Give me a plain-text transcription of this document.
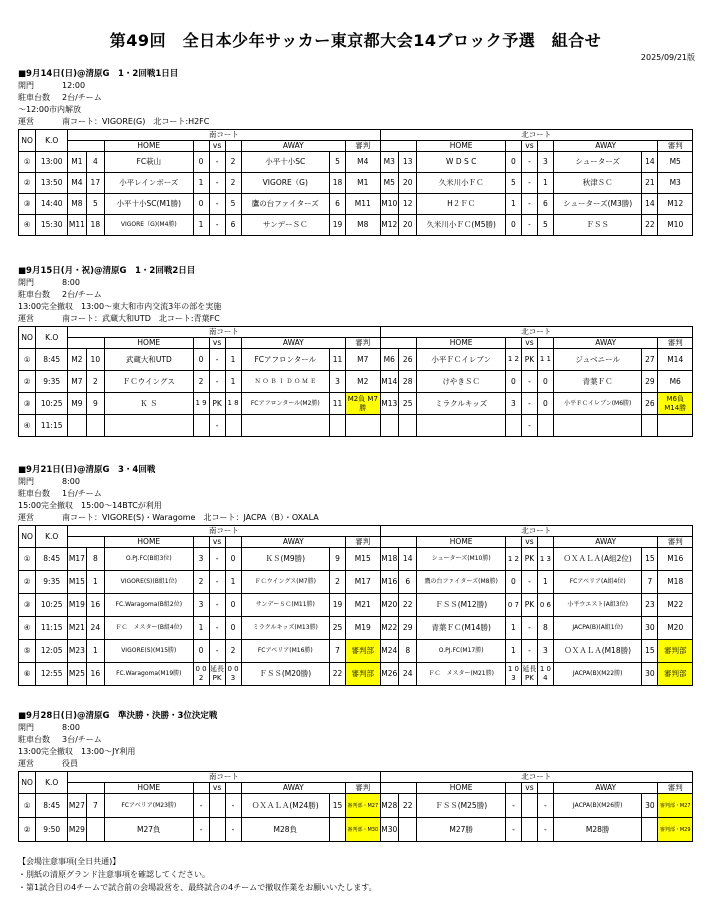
第49回　全日本少年サッカー東京都大会14ブロック予選　組合せ
2025/09/21版
■9月14日(日)@清原G　1・2回戦1日目
開門	12:00
駐車台数 2台/チーム
～12:00市内解放
運営	南コート：VIGORE(G)　北コート:H2FC
NO	K.O	南コート									北コート								
				HOME		vs		AWAY		審判			HOME		vs		AWAY		審判
①	13:00	M1	4	FC萩山	0	-	2	小平十小SC	5	M4	M3	13	W D S C	0	-	3	シューターズ	14	M5
②	13:50	M4	17	小平レインボーズ	1	-	2	VIGORE（G)	18	M1	M5	20	久米川小ＦＣ	5	-	1	秋津ＳＣ	21	M3
③	14:40	M8	5	小平十小SC(M1勝)	0	-	5	鷹の台ファイターズ	6	M11	M10	12	H２ＦＣ	1	-	6	シューターズ(M3勝)	14	M12
④	15:30	M11	18	VIGORE（G)(M4勝)	1	-	6	サンデーＳＣ	19	M8	M12	20	久米川小ＦＣ(M5勝)	0	-	5	ＦＳＳ	22	M10
■9月15日(月・祝)@清原G　1・2回戦2日目
開門	8:00
駐車台数 2台/チーム
13:00完全撤収　13:00～東大和市内交流3年の部を実施
運営	南コート：武蔵大和UTD　北コート:青葉FC
NO	K.O	南コート									北コート								
				HOME		vs		AWAY		審判			HOME		vs		AWAY		審判
①	8:45	M2	10	武蔵大和UTD	0	-	1	FCアフロンタール	11	M7	M6	26	小平ＦＣイレブン	1 2	PK	1 1	ジュベニール	27	M14
②	9:35	M7	2	ＦＣウイングス	2	-	1	Ｎ Ｏ Ｂ Ｉ Ｄ Ｏ Ｍ Ｅ	3	M2	M14	28	けやきＳＣ	0	-	0	青葉ＦＣ	29	M6
③	10:25	M9	9	Ｋ Ｓ	1 9	PK	1 8	FCアフロンタール(M2勝)	11	M2負 M7勝	M13	25	ミラクルキッズ	3	-	0	小平ＦＣイレブン(M6勝)	26	M6負 M14勝
④	11:15					-									-				
■9月21日(日)@清原G　3・4回戦
開門	8:00
駐車台数 1台/チーム
15:00完全撤収　15:00～14BTCが利用
運営	南コート：VIGORE(S)・Waragome　北コート：JACPA（B）・OXALA
NO	K.O	南コート									北コート								
				HOME		vs		AWAY		審判			HOME		vs		AWAY		審判
①	8:45	M17	8	O.PJ.FC(B組3位)	3	-	0	ＫＳ(M9勝)	9	M15	M18	14	シューターズ(M10勝)	1 2	PK	1 3	ＯＸＡＬＡ(A組2位)	15	M16
②	9:35	M15	1	VIGORE(S)(B組1位)	2	-	1	ＦＣウイングス(M7勝)	2	M17	M16	6	鷹の台ファイターズ(M8勝)	0	-	1	FCアベリア(A組4位)	7	M18
③	10:25	M19	16	FC.Waragoma(B組2位)	3	-	0	サンデーＳＣ(M11勝)	19	M21	M20	22	ＦＳＳ(M12勝)	0 7	PK	0 6	小平ウエスト(A組3位)	23	M22
④	11:15	M21	24	ＦＣ　メスター(B組4位)	1	-	0	ミラクルキッズ(M13勝)	25	M19	M22	29	青葉ＦＣ(M14勝)	1	-	8	JACPA(B)(A組1位)	30	M20
⑤	12:05	M23	1	VIGORE(S)(M15勝)	0	-	2	FCアベリア(M16勝)	7	審判部	M24	8	O.PJ.FC(M17勝)	1	-	3	ＯＸＡＬＡ(M18勝)	15	審判部
⑥	12:55	M25	16	FC.Waragoma(M19勝)	0 0 2	延長 PK	0 0 3	ＦＳＳ(M20勝)	22	審判部	M26	24	ＦＣ　メスター(M21勝)	1 0 3	延長 PK	1 0 4	JACPA(B)(M22勝)	30	審判部
■9月28日(日)@清原G　準決勝・決勝・3位決定戦
開門	8:00
駐車台数 3台/チーム
13:00完全撤収　13:00～JY利用
運営	役員
NO	K.O	南コート									北コート								
				HOME		vs		AWAY		審判			HOME		vs		AWAY		審判
①	8:45	M27	7	FCアベリア(M23勝)	-		-	ＯＸＡＬＡ(M24勝)	15	審判部・M27	M28	22	ＦＳＳ(M25勝)	-		-	JACPA(B)(M26勝)	30	審判部・M27
②	9:50	M29		M27負	-		-	M28負		審判部・M30	M30		M27勝	-		-	M28勝		審判部・M29
【会場注意事項(全日共通)】
・別紙の清原グランド注意事項を確認してください。
・第1試合目の4チームで試合前の会場設営を、最終試合の4チームで撤収作業をお願いいたします。
